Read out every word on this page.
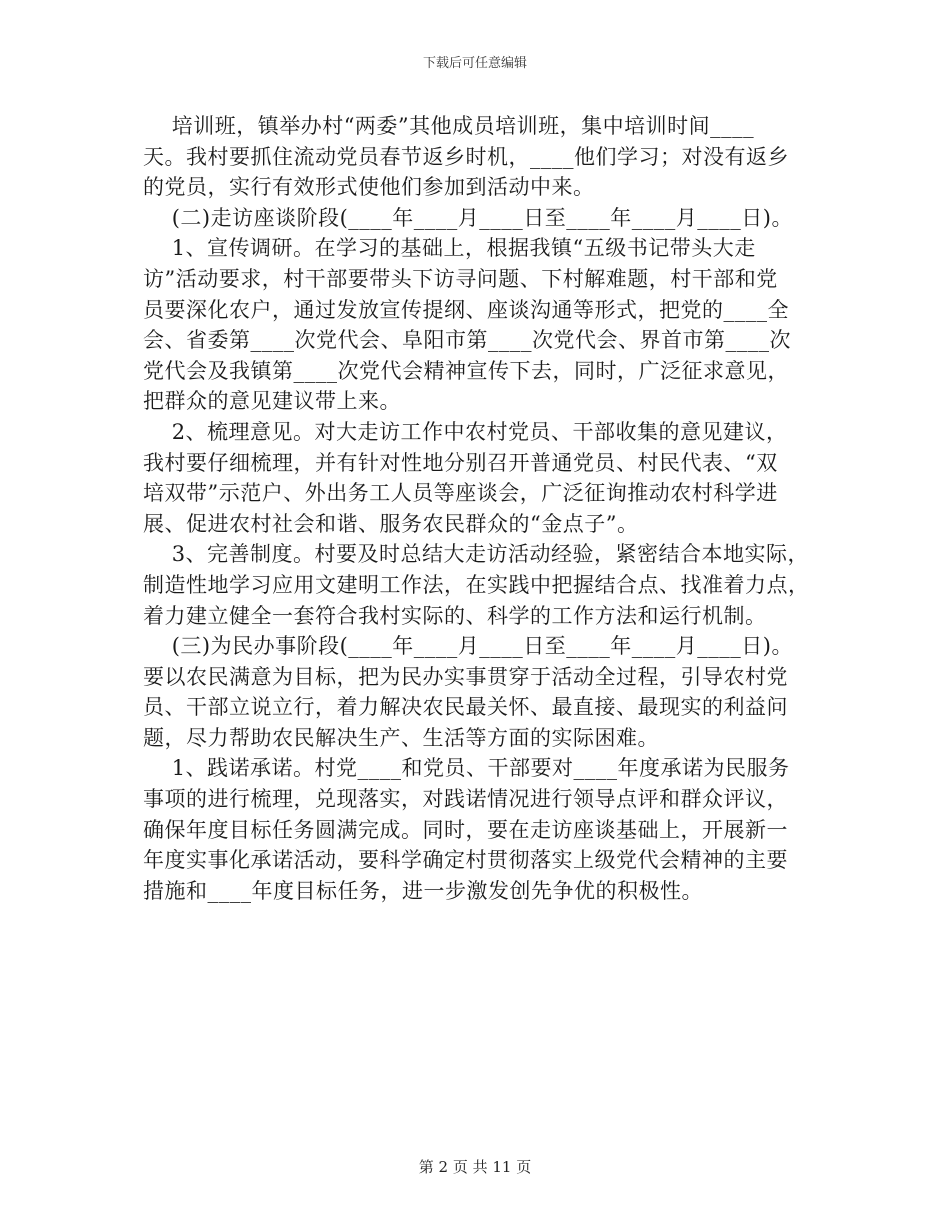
下载后可任意编辑
培训班，镇举办村“两委”其他成员培训班，集中培训时间____
天。我村要抓住流动党员春节返乡时机，____他们学习；对没有返乡
的党员，实行有效形式使他们参加到活动中来。
(二)走访座谈阶段(____年____月____日至____年____月____日)。
1、宣传调研。在学习的基础上，根据我镇“五级书记带头大走
访”活动要求，村干部要带头下访寻问题、下村解难题，村干部和党
员要深化农户，通过发放宣传提纲、座谈沟通等形式，把党的____全
会、省委第____次党代会、阜阳市第____次党代会、界首市第____次
党代会及我镇第____次党代会精神宣传下去，同时，广泛征求意见，
把群众的意见建议带上来。
2、梳理意见。对大走访工作中农村党员、干部收集的意见建议，
我村要仔细梳理，并有针对性地分别召开普通党员、村民代表、“双
培双带”示范户、外出务工人员等座谈会，广泛征询推动农村科学进
展、促进农村社会和谐、服务农民群众的“金点子”。
3、完善制度。村要及时总结大走访活动经验，紧密结合本地实际，
制造性地学习应用文建明工作法，在实践中把握结合点、找准着力点，
着力建立健全一套符合我村实际的、科学的工作方法和运行机制。
(三)为民办事阶段(____年____月____日至____年____月____日)。
要以农民满意为目标，把为民办实事贯穿于活动全过程，引导农村党
员、干部立说立行，着力解决农民最关怀、最直接、最现实的利益问
题，尽力帮助农民解决生产、生活等方面的实际困难。
1、践诺承诺。村党____和党员、干部要对____年度承诺为民服务
事项的进行梳理，兑现落实，对践诺情况进行领导点评和群众评议，
确保年度目标任务圆满完成。同时，要在走访座谈基础上，开展新一
年度实事化承诺活动，要科学确定村贯彻落实上级党代会精神的主要
措施和____年度目标任务，进一步激发创先争优的积极性。
第 2 页 共 11 页
